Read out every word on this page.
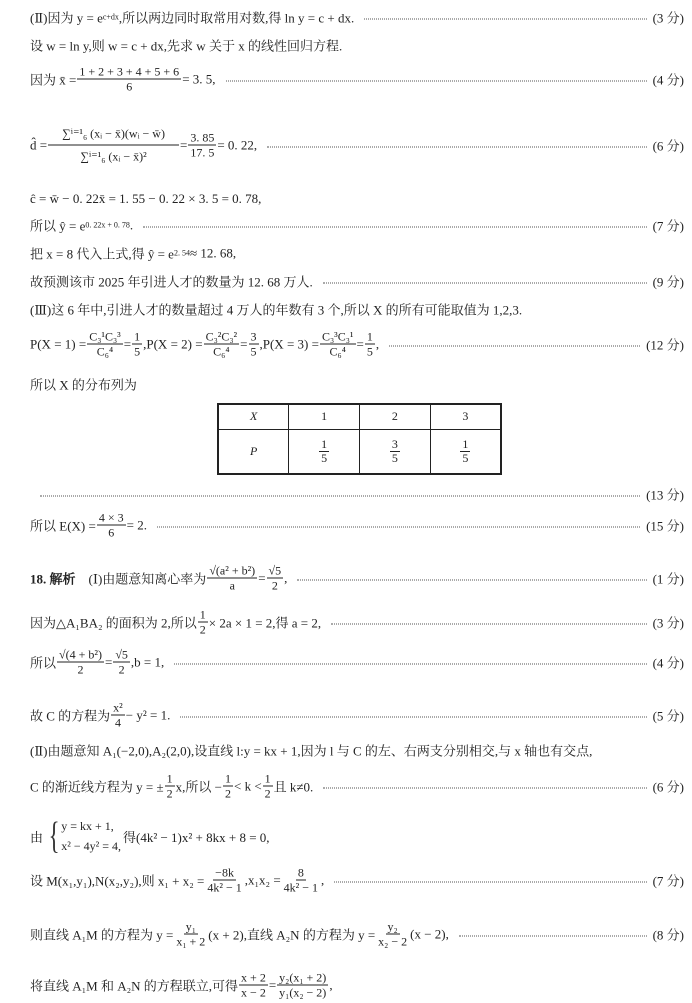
(Ⅱ)因为 y = e c+dx ,所以两边同时取常用对数,得 ln y = c + dx.	(3 分)
设 w = ln y,则 w = c + dx,先求 w 关于 x 的线性回归方程.
因为 x̄ = $\frac{1 + 2 + 3 + 4 + 5 + 6}{6} = 3$. 5,	(4 分)
d̂ = $\frac{\text{∑ⁱ⁼¹₆ (xᵢ − x̄)(wᵢ − w̄)}}{\text{∑ⁱ⁼¹₆ (xᵢ − x̄)²}} = \frac{3. 85}{17. 5} = 0$. 22,	(6 分)
ĉ = w̄ − 0. 22x̄ = 1. 55 − 0. 22 × 3. 5 = 0. 78,
所以 ŷ = e 0. 22x + 0. 78 .	(7 分)
把 x = 8 代入上式,得 ŷ = e 2. 54 ≈ 12. 68,
故预测该市 2025 年引进人才的数量为 12. 68 万人.	(9 分)
(Ⅲ)这 6 年中,引进人才的数量超过 4 万人的年数有 3 个,所以 X 的所有可能取值为 1,2,3.
$P(X = 1) = \frac{\text{C₃¹C₃³}}{\text{C₆⁴}} = \frac{1}{5} ,P(X = 2) = \frac{\text{C₃²C₃²}}{\text{C₆⁴}} = \frac{3}{5} ,P(X = 3) = \frac{\text{C₃³C₃¹}}{\text{C₆⁴}} = \frac{1}{5}$ ,	(12 分)
所以 X 的分布列为
(13 分)
所以 $E(X) = \frac{4 \times 3}{6} = 2$.	(15 分)
18. 解析 　(Ⅰ)由题意知离心率为 $\frac{\text{√(a² + b²)}}{a} = \frac{√5}{2}$ ,	(1 分)
因为△A₁BA₂ 的面积为 2,所以 $\frac{1}{2} \times 2a \times 1 = 2$,得 a = 2,	(3 分)
所以 $\frac{\text{√(4 + b²)}}{2} = \frac{√5}{2} ,b = 1$,	(4 分)
故 C 的方程为 $\frac{\text{x²}}{4} - y^2 = 1$.	(5 分)
(Ⅱ)由题意知 A₁(−2,0),A₂(2,0),设直线 l:y = kx + 1,因为 l 与 C 的左、右两支分别相交,与 x 轴也有交点,
C 的渐近线方程为 y = ± $\frac{1}{2} x$,所以 − $\frac{1}{2} < k < \frac{1}{2}$ 且 k≠0.	(6 分)
由 { y = kx + 1,
x² − 4y² = 4,
得(4k² − 1)x² + 8kx + 8 = 0,
设 M(x₁,y₁),N(x₂,y₂),则 $x_1 + x_2 = \frac{-8k}{\text{4k² − 1}} ,x_1x_2 = \frac{8}{\text{4k² − 1}}$ ,	(7 分)
则直线 A₁M 的方程为 $y = \frac{\text{y₁}}{\text{x₁ + 2}} (x + 2)$,直线 A₂N 的方程为 $y = \frac{\text{y₂}}{\text{x₂ − 2}} (x - 2)$,	(8 分)
将直线 A₁M 和 A₂N 的方程联立,可得 $\frac{x + 2}{x - 2} = \frac{\text{y₂(x₁ + 2)}}{\text{y₁(x₂ − 2)}}$ ,
X	1	2	3
P	$\frac{1}{5}$	$\frac{3}{5}$	$\frac{1}{5}$
